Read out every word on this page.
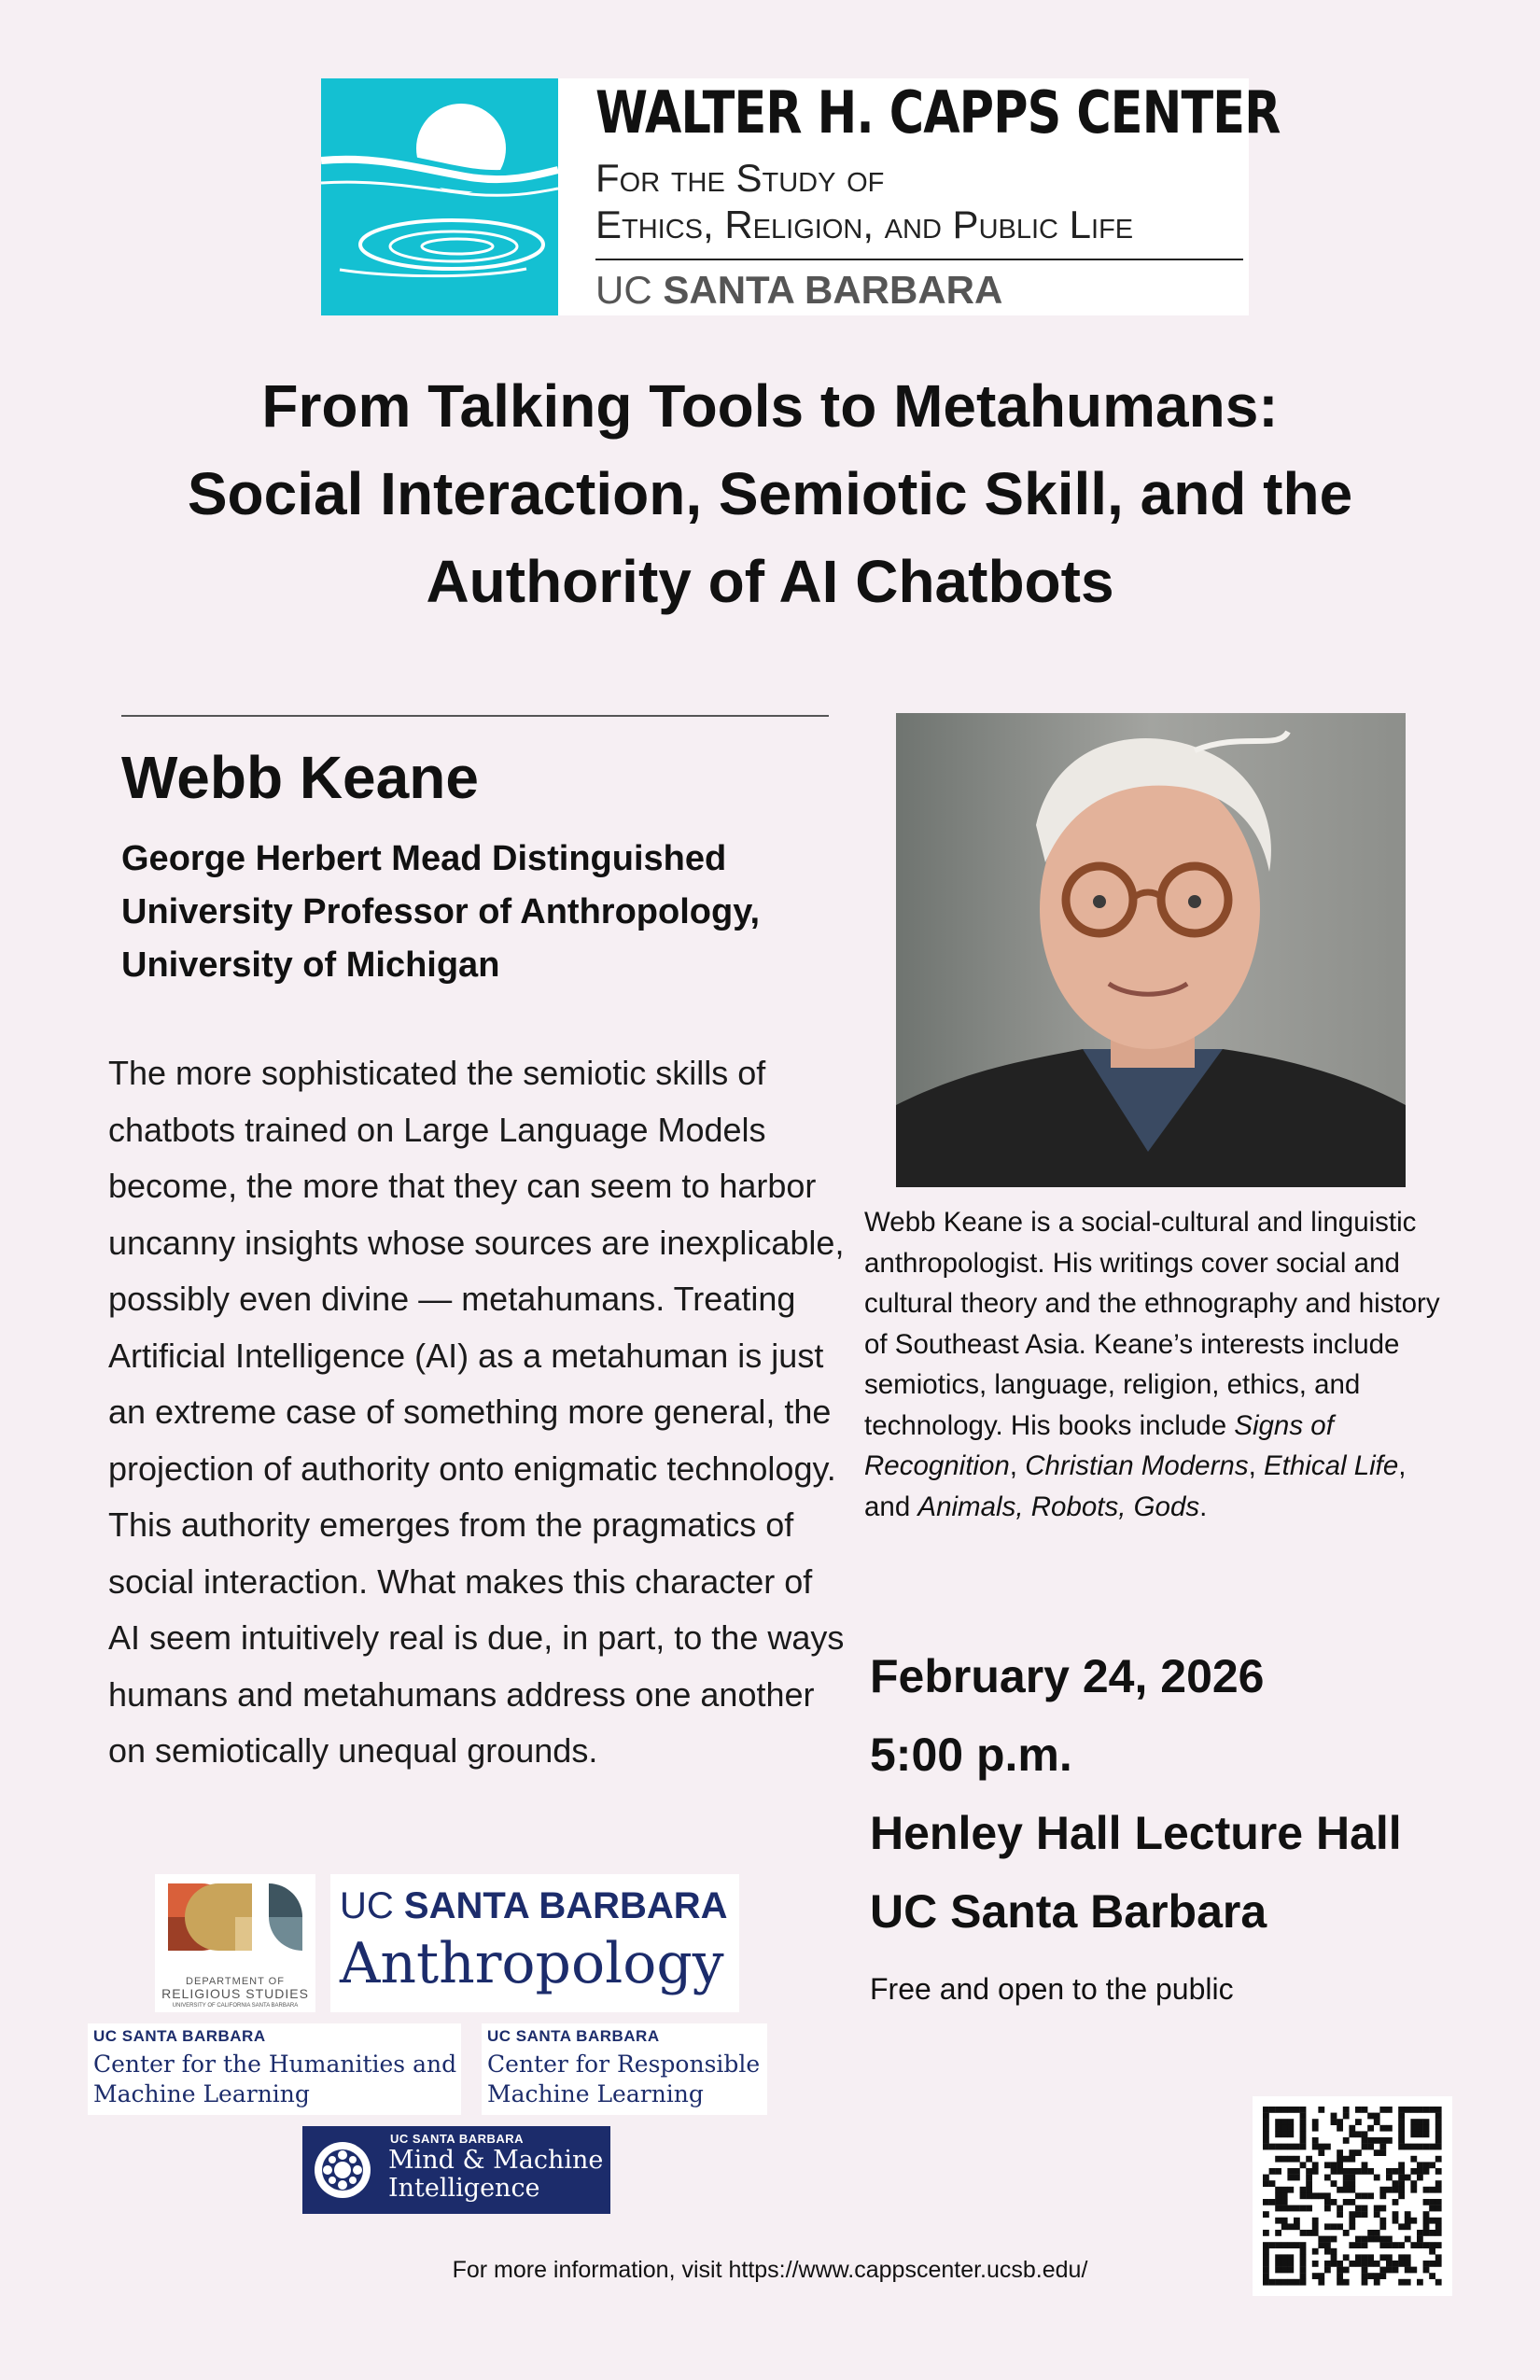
WALTER H. CAPPS CENTER
For the Study of
Ethics, Religion, and Public Life
UC SANTA BARBARA
From Talking Tools to Metahumans:
Social Interaction, Semiotic Skill, and the
Authority of AI Chatbots
Webb Keane
George Herbert Mead Distinguished
University Professor of Anthropology,
University of Michigan
The more sophisticated the semiotic skills of chatbots trained on Large Language Models become, the more that they can seem to harbor uncanny insights whose sources are inexplicable, possibly even divine — metahumans. Treating Artificial Intelligence (AI) as a metahuman is just an extreme case of something more general, the projection of authority onto enigmatic technology. This authority emerges from the pragmatics of social interaction. What makes this character of AI seem intuitively real is due, in part, to the ways humans and metahumans address one another on semiotically unequal grounds.
Webb Keane is a social-cultural and linguistic anthropologist. His writings cover social and cultural theory and the ethnography and history of Southeast Asia. Keane’s interests include semiotics, language, religion, ethics, and technology. His books include Signs of Recognition, Christian Moderns, Ethical Life, and Animals, Robots, Gods.
February 24, 2026
5:00 p.m.
Henley Hall Lecture Hall
UC Santa Barbara
Free and open to the public
DEPARTMENT OF
RELIGIOUS STUDIES
UNIVERSITY OF CALIFORNIA SANTA BARBARA
UC SANTA BARBARA
Anthropology
UC SANTA BARBARA
Center for the Humanities and
Machine Learning
UC SANTA BARBARA
Center for Responsible
Machine Learning
UC SANTA BARBARA
Mind & Machine
Intelligence
For more information, visit https://www.cappscenter.ucsb.edu/
